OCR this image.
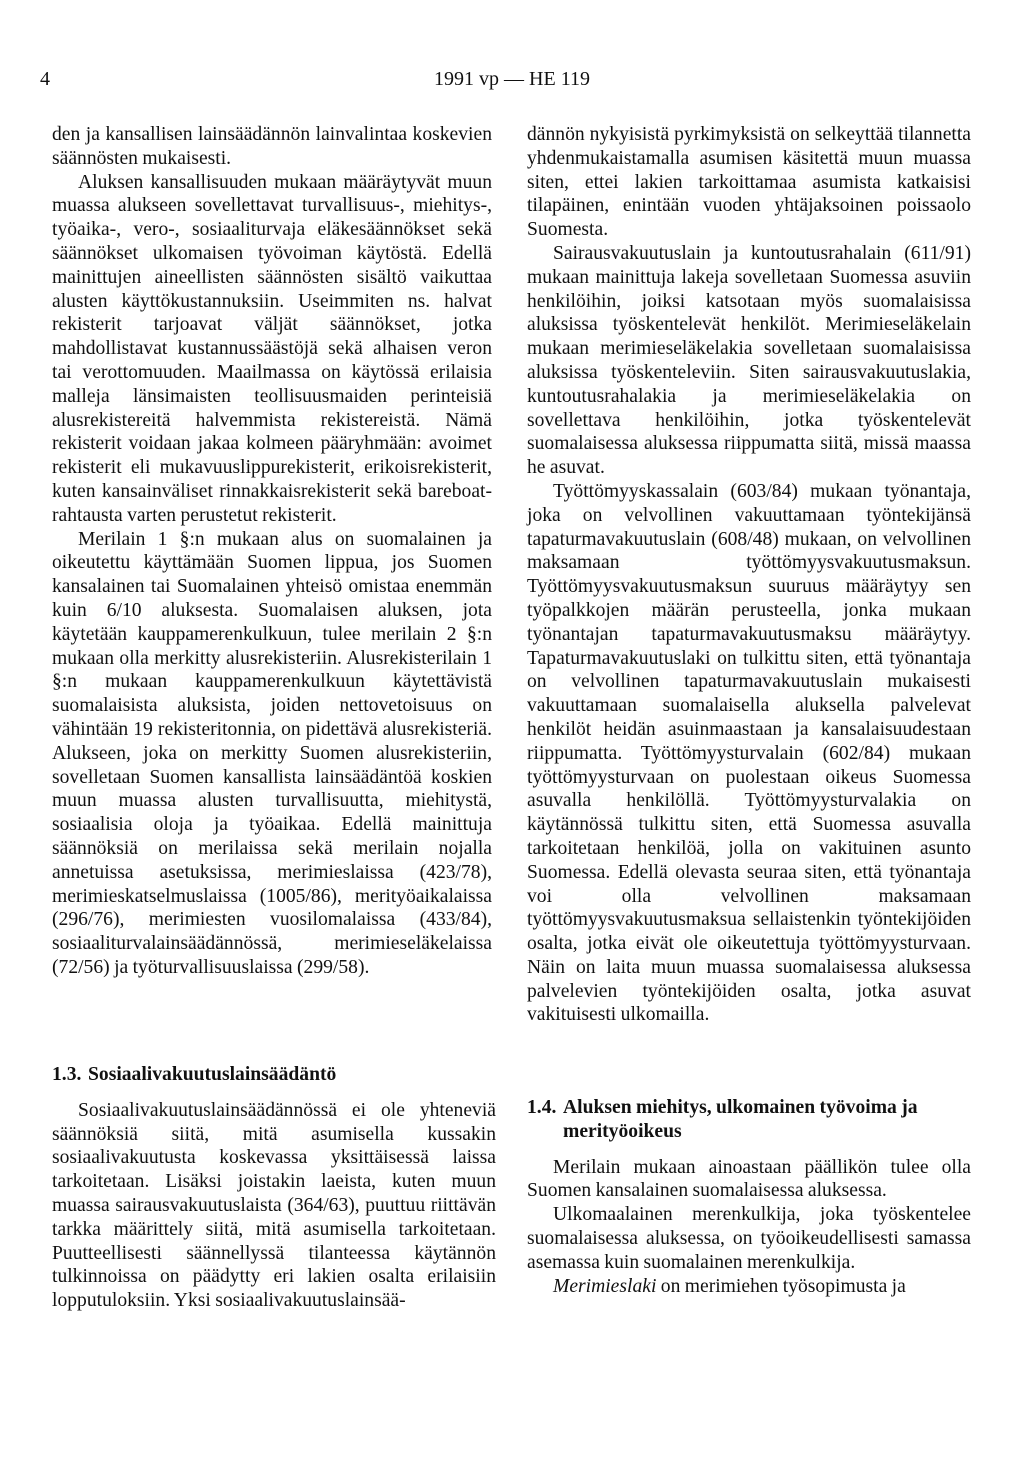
4	1991 vp — HE 119

den ja kansallisen lainsäädännön lainvalintaa koskevien säännösten mukaisesti.

Aluksen kansallisuuden mukaan määräytyvät muun muassa alukseen sovellettavat turvallisuus-, miehitys-, työaika-, vero-, sosiaaliturvaja eläkesäännökset sekä säännökset ulkomaisen työvoiman käytöstä. Edellä mainittujen aineellisten säännösten sisältö vaikuttaa alusten käyttökustannuksiin. Useimmiten ns. halvat rekisterit tarjoavat väljät säännökset, jotka mahdollistavat kustannussäästöjä sekä alhaisen veron tai verottomuuden. Maailmassa on käytössä erilaisia malleja länsimaisten teollisuusmaiden perinteisiä alusrekistereitä halvemmista rekistereistä. Nämä rekisterit voidaan jakaa kolmeen pääryhmään: avoimet rekisterit eli mukavuuslippurekisterit, erikoisrekisterit, kuten kansainväliset rinnakkaisrekisterit sekä bareboat-rahtausta varten perustetut rekisterit.

Merilain 1 §:n mukaan alus on suomalainen ja oikeutettu käyttämään Suomen lippua, jos Suomen kansalainen tai Suomalainen yhteisö omistaa enemmän kuin 6/10 aluksesta. Suomalaisen aluksen, jota käytetään kauppamerenkulkuun, tulee merilain 2 §:n mukaan olla merkitty alusrekisteriin. Alusrekisterilain 1 §:n mukaan kauppamerenkulkuun käytettävistä suomalaisista aluksista, joiden nettovetoisuus on vähintään 19 rekisteritonnia, on pidettävä alusrekisteriä. Alukseen, joka on merkitty Suomen alusrekisteriin, sovelletaan Suomen kansallista lainsäädäntöä koskien muun muassa alusten turvallisuutta, miehitystä, sosiaalisia oloja ja työaikaa. Edellä mainittuja säännöksiä on merilaissa sekä merilain nojalla annetuissa asetuksissa, merimieslaissa (423/78), merimieskatselmuslaissa (1005/86), merityöaikalaissa (296/76), merimiesten vuosilomalaissa (433/84), sosiaaliturvalainsäädännössä, merimieseläkelaissa (72/56) ja työturvallisuuslaissa (299/58).

dännön nykyisistä pyrkimyksistä on selkeyttää tilannetta yhdenmukaistamalla asumisen käsitettä muun muassa siten, ettei lakien tarkoittamaa asumista katkaisisi tilapäinen, enintään vuoden yhtäjaksoinen poissaolo Suomesta.

Sairausvakuutuslain ja kuntoutusrahalain (611/91) mukaan mainittuja lakeja sovelletaan Suomessa asuviin henkilöihin, joiksi katsotaan myös suomalaisissa aluksissa työskentelevät henkilöt. Merimieseläkelain mukaan merimieseläkelakia sovelletaan suomalaisissa aluksissa työskenteleviin. Siten sairausvakuutuslakia, kuntoutusrahalakia ja merimieseläkelakia on sovellettava henkilöihin, jotka työskentelevät suomalaisessa aluksessa riippumatta siitä, missä maassa he asuvat.

Työttömyyskassalain (603/84) mukaan työnantaja, joka on velvollinen vakuuttamaan työntekijänsä tapaturmavakuutuslain (608/48) mukaan, on velvollinen maksamaan työttömyysvakuutusmaksun. Työttömyysvakuutusmaksun suuruus määräytyy sen työpalkkojen määrän perusteella, jonka mukaan työnantajan tapaturmavakuutusmaksu määräytyy. Tapaturmavakuutuslaki on tulkittu siten, että työnantaja on velvollinen tapaturmavakuutuslain mukaisesti vakuuttamaan suomalaisella aluksella palvelevat henkilöt heidän asuinmaastaan ja kansalaisuudestaan riippumatta. Työttömyysturvalain (602/84) mukaan työttömyysturvaan on puolestaan oikeus Suomessa asuvalla henkilöllä. Työttömyysturvalakia on käytännössä tulkittu siten, että Suomessa asuvalla tarkoitetaan henkilöä, jolla on vakituinen asunto Suomessa. Edellä olevasta seuraa siten, että työnantaja voi olla velvollinen maksamaan työttömyysvakuutusmaksua sellaistenkin työntekijöiden osalta, jotka eivät ole oikeutettuja työttömyysturvaan. Näin on laita muun muassa suomalaisessa aluksessa palvelevien työntekijöiden osalta, jotka asuvat vakituisesti ulkomailla.

1.3. Sosiaalivakuutuslainsäädäntö

Sosiaalivakuutuslainsäädännössä ei ole yhteneviä säännöksiä siitä, mitä asumisella kussakin sosiaalivakuutusta koskevassa yksittäisessä laissa tarkoitetaan. Lisäksi joistakin laeista, kuten muun muassa sairausvakuutuslaista (364/63), puuttuu riittävän tarkka määrittely siitä, mitä asumisella tarkoitetaan. Puutteellisesti säännellyssä tilanteessa käytännön tulkinnoissa on päädytty eri lakien osalta erilaisiin lopputuloksiin. Yksi sosiaalivakuutuslainsää-

1.4. Aluksen miehitys, ulkomainen työvoima ja merityöoikeus

Merilain mukaan ainoastaan päällikön tulee olla Suomen kansalainen suomalaisessa aluksessa.

Ulkomaalainen merenkulkija, joka työskentelee suomalaisessa aluksessa, on työoikeudellisesti samassa asemassa kuin suomalainen merenkulkija.

Merimieslaki on merimiehen työsopimusta ja
